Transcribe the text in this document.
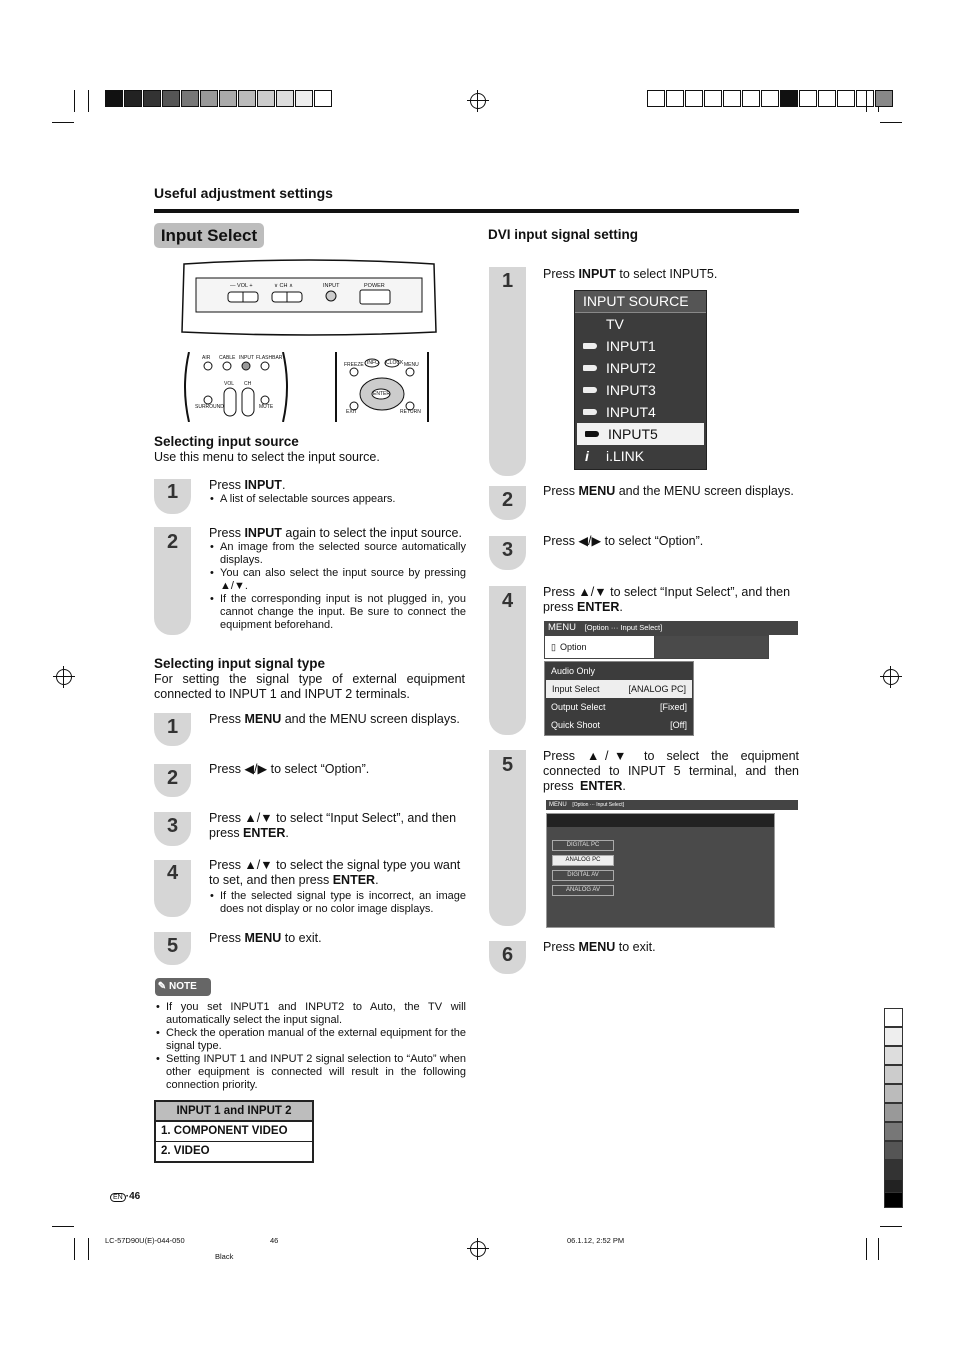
Useful adjustment settings
Input Select
— VOL +	∨ CH ∧	INPUT	POWER
AIR CABLE INPUT FLASHBAR
VOL CH
SURROUND	MUTE
FREEZE INFO iCLOCK MENU
ENTER
EXIT	RETURN
Selecting input source
Use this menu to select the input source.
1	Press INPUT.
• A list of selectable sources appears.
2	Press INPUT again to select the input source.
• An image from the selected source automatically displays.
• You can also select the input source by pressing ▲/▼.
• If the corresponding input is not plugged in, you cannot change the input. Be sure to connect the equipment beforehand.
Selecting input signal type
For setting the signal type of external equipment connected to INPUT 1 and INPUT 2 terminals.
1	Press MENU and the MENU screen displays.
2	Press ◀/▶ to select “Option”.
3	Press ▲/▼ to select “Input Select”, and then press ENTER.
4	Press ▲/▼ to select the signal type you want to set, and then press ENTER.
• If the selected signal type is incorrect, an image does not display or no color image displays.
5	Press MENU to exit.
✎ NOTE
• If you set INPUT1 and INPUT2 to Auto, the TV will automatically select the input signal.
• Check the operation manual of the external equipment for the signal type.
• Setting INPUT 1 and INPUT 2 signal selection to “Auto” when other equipment is connected will result in the following connection priority.
INPUT 1 and INPUT 2
1. COMPONENT VIDEO
2. VIDEO
EN ·46
DVI input signal setting
1	Press INPUT to select INPUT5.
INPUT SOURCE
TV
INPUT1
INPUT2
INPUT3
INPUT4
INPUT5
i i.LINK
2	Press MENU and the MENU screen displays.
3	Press ◀/▶ to select “Option”.
4	Press ▲/▼ to select “Input Select”, and then press ENTER.
MENU [Option ··· Input Select]
▯ Option
Audio Only
Input Select	[ANALOG PC]
Output Select	[Fixed]
Quick Shoot	[Off]
5	Press ▲/▼ to select the equipment connected to INPUT 5 terminal, and then press ENTER.
MENU [Option ··· Input Select]
DIGITAL PC
ANALOG PC
DIGITAL AV
ANALOG AV
6	Press MENU to exit.
LC-57D90U(E)-044-050	46	06.1.12, 2:52 PM
Black
